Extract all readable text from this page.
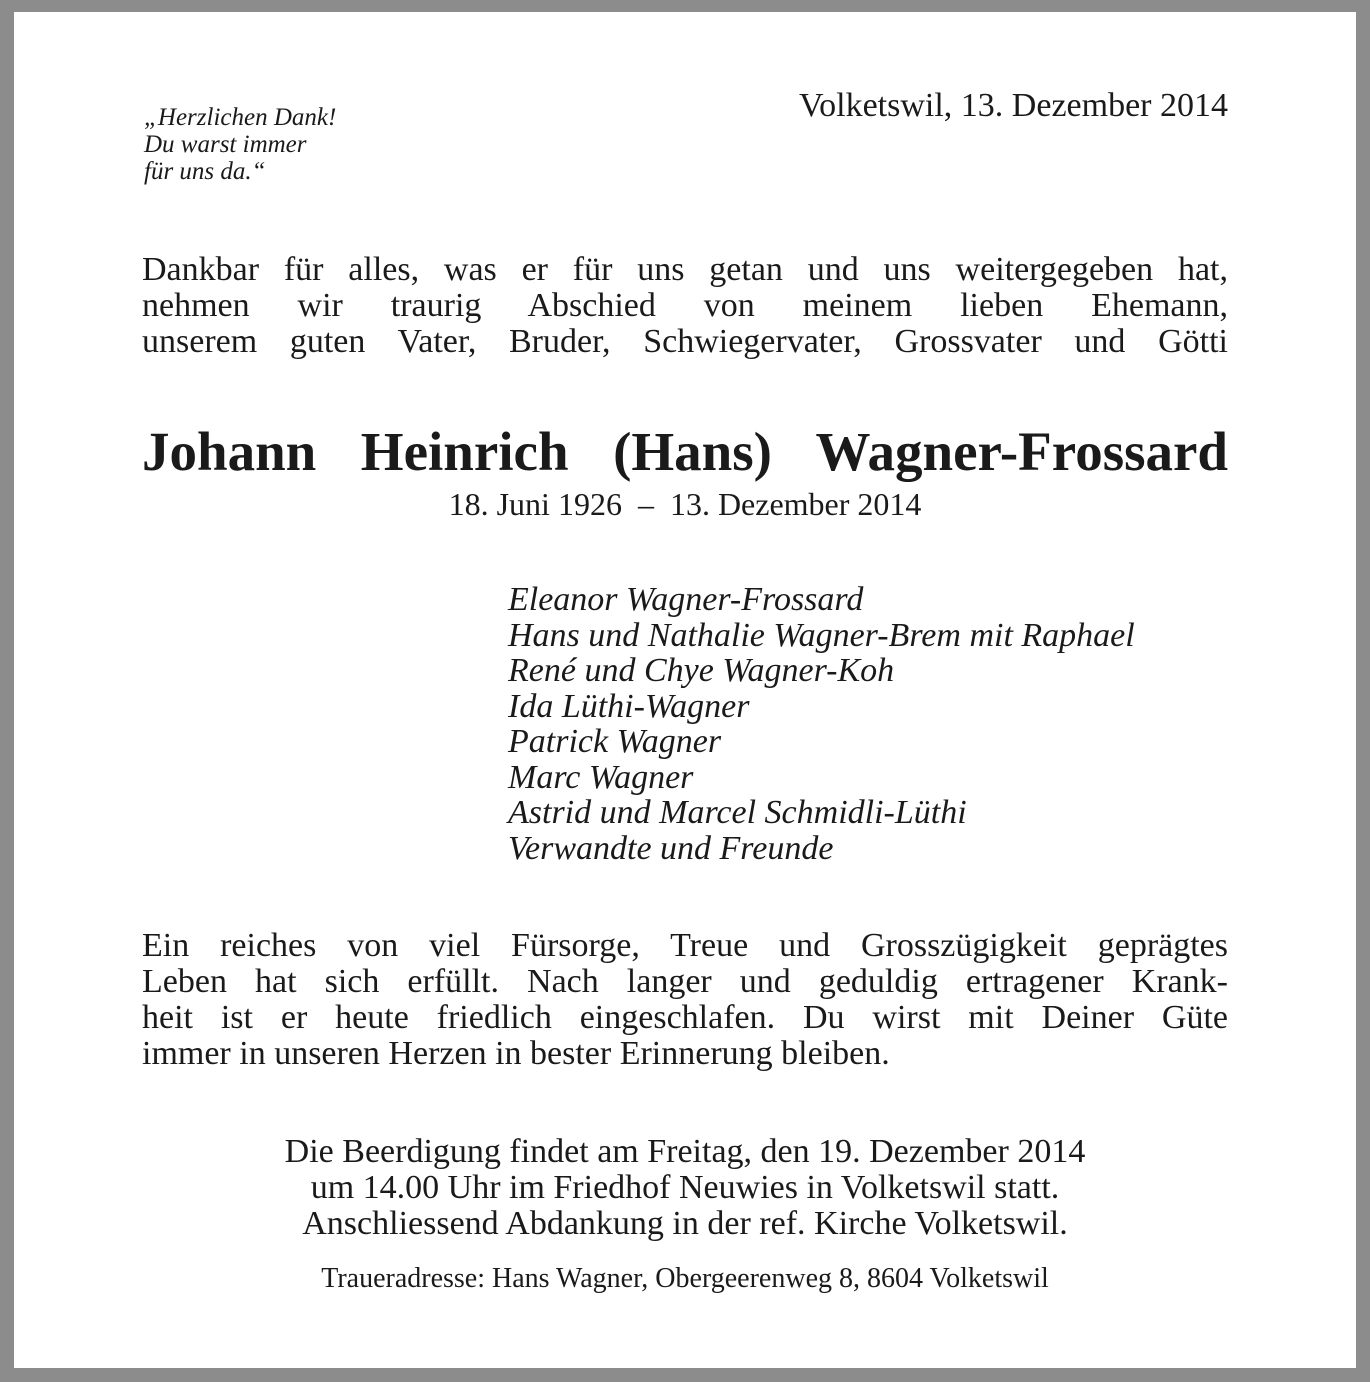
„Herzlichen Dank!
Du warst immer
für uns da.“
Volketswil, 13. Dezember 2014
Dankbar für alles, was er für uns getan und uns weitergegeben hat,
nehmen wir traurig Abschied von meinem lieben Ehemann,
unserem guten Vater, Bruder, Schwiegervater, Grossvater und Götti
Johann Heinrich (Hans) Wagner-Frossard
18. Juni 1926 – 13. Dezember 2014
Eleanor Wagner-Frossard
Hans und Nathalie Wagner-Brem mit Raphael
René und Chye Wagner-Koh
Ida Lüthi-Wagner
Patrick Wagner
Marc Wagner
Astrid und Marcel Schmidli-Lüthi
Verwandte und Freunde
Ein reiches von viel Fürsorge, Treue und Grosszügigkeit geprägtes
Leben hat sich erfüllt. Nach langer und geduldig ertragener Krank-
heit ist er heute friedlich eingeschlafen. Du wirst mit Deiner Güte
immer in unseren Herzen in bester Erinnerung bleiben.
Die Beerdigung findet am Freitag, den 19. Dezember 2014
um 14.00 Uhr im Friedhof Neuwies in Volketswil statt.
Anschliessend Abdankung in der ref. Kirche Volketswil.
Traueradresse: Hans Wagner, Obergeerenweg 8, 8604 Volketswil
